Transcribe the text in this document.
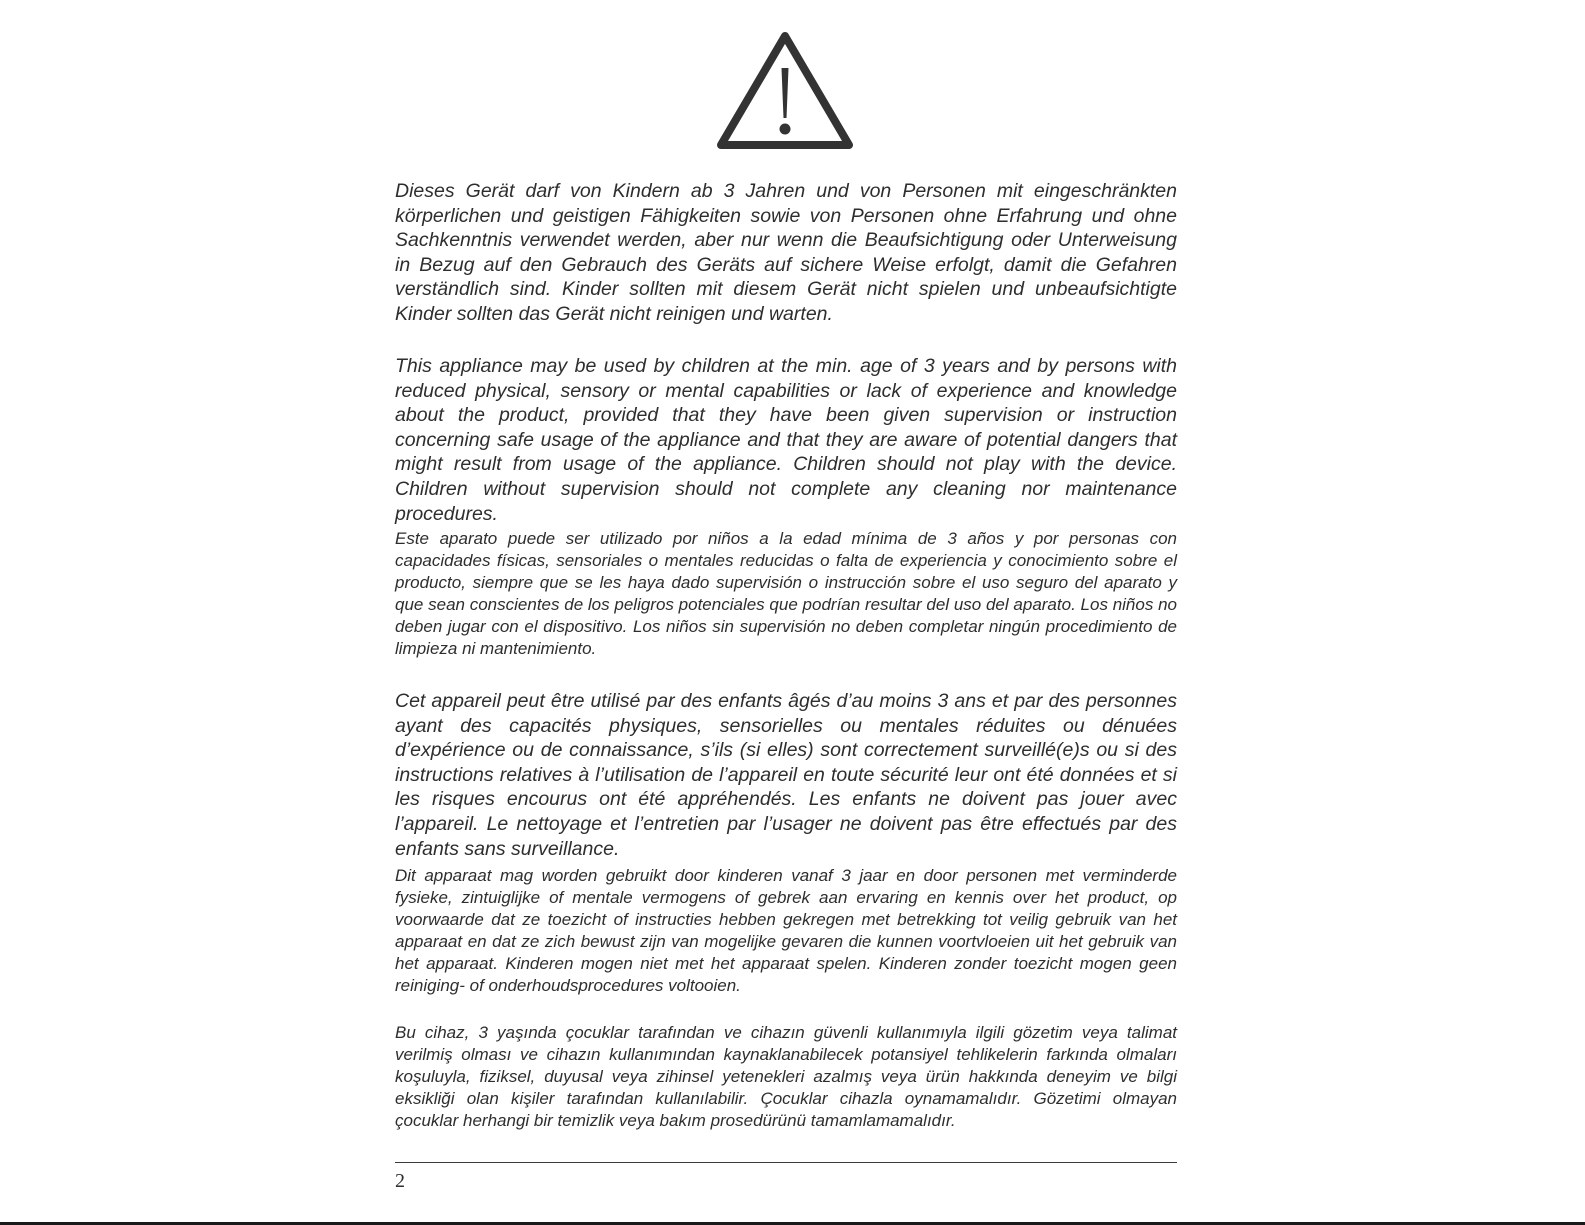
Dieses Gerät darf von Kindern ab 3 Jahren und von Personen mit eingeschränkten körperlichen und geistigen Fähigkeiten sowie von Personen ohne Erfahrung und ohne Sachkenntnis verwendet werden, aber nur wenn die Beaufsichtigung oder Unterweisung in Bezug auf den Gebrauch des Geräts auf sichere Weise erfolgt, damit die Gefahren verständlich sind. Kinder sollten mit diesem Gerät nicht spielen und unbeaufsichtigte Kinder sollten das Gerät nicht reinigen und warten.

This appliance may be used by children at the min. age of 3 years and by persons with reduced physical, sensory or mental capabilities or lack of experience and knowledge about the product, provided that they have been given supervision or instruction concerning safe usage of the appliance and that they are aware of potential dangers that might result from usage of the appliance. Children should not play with the device. Children without supervision should not complete any cleaning nor maintenance procedures.

Este aparato puede ser utilizado por niños a la edad mínima de 3 años y por personas con capacidades físicas, sensoriales o mentales reducidas o falta de experiencia y conocimiento sobre el producto, siempre que se les haya dado supervisión o instrucción sobre el uso seguro del aparato y que sean conscientes de los peligros potenciales que podrían resultar del uso del aparato. Los niños no deben jugar con el dispositivo. Los niños sin supervisión no deben completar ningún procedimiento de limpieza ni mantenimiento.

Cet appareil peut être utilisé par des enfants âgés d’au moins 3 ans et par des personnes ayant des capacités physiques, sensorielles ou mentales réduites ou dénuées d’expérience ou de connaissance, s’ils (si elles) sont correctement surveillé(e)s ou si des instructions relatives à l’utilisation de l’appareil en toute sécurité leur ont été données et si les risques encourus ont été appréhendés. Les enfants ne doivent pas jouer avec l’appareil. Le nettoyage et l’entretien par l’usager ne doivent pas être effectués par des enfants sans surveillance.

Dit apparaat mag worden gebruikt door kinderen vanaf 3 jaar en door personen met verminderde fysieke, zintuiglijke of mentale vermogens of gebrek aan ervaring en kennis over het product, op voorwaarde dat ze toezicht of instructies hebben gekregen met betrekking tot veilig gebruik van het apparaat en dat ze zich bewust zijn van mogelijke gevaren die kunnen voortvloeien uit het gebruik van het apparaat. Kinderen mogen niet met het apparaat spelen. Kinderen zonder toezicht mogen geen reiniging- of onderhoudsprocedures voltooien.

Bu cihaz, 3 yaşında çocuklar tarafından ve cihazın güvenli kullanımıyla ilgili gözetim veya talimat verilmiş olması ve cihazın kullanımından kaynaklanabilecek potansiyel tehlikelerin farkında olmaları koşuluyla, fiziksel, duyusal veya zihinsel yetenekleri azalmış veya ürün hakkında deneyim ve bilgi eksikliği olan kişiler tarafından kullanılabilir. Çocuklar cihazla oynamamalıdır. Gözetimi olmayan çocuklar herhangi bir temizlik veya bakım prosedürünü tamamlamamalıdır.

2
